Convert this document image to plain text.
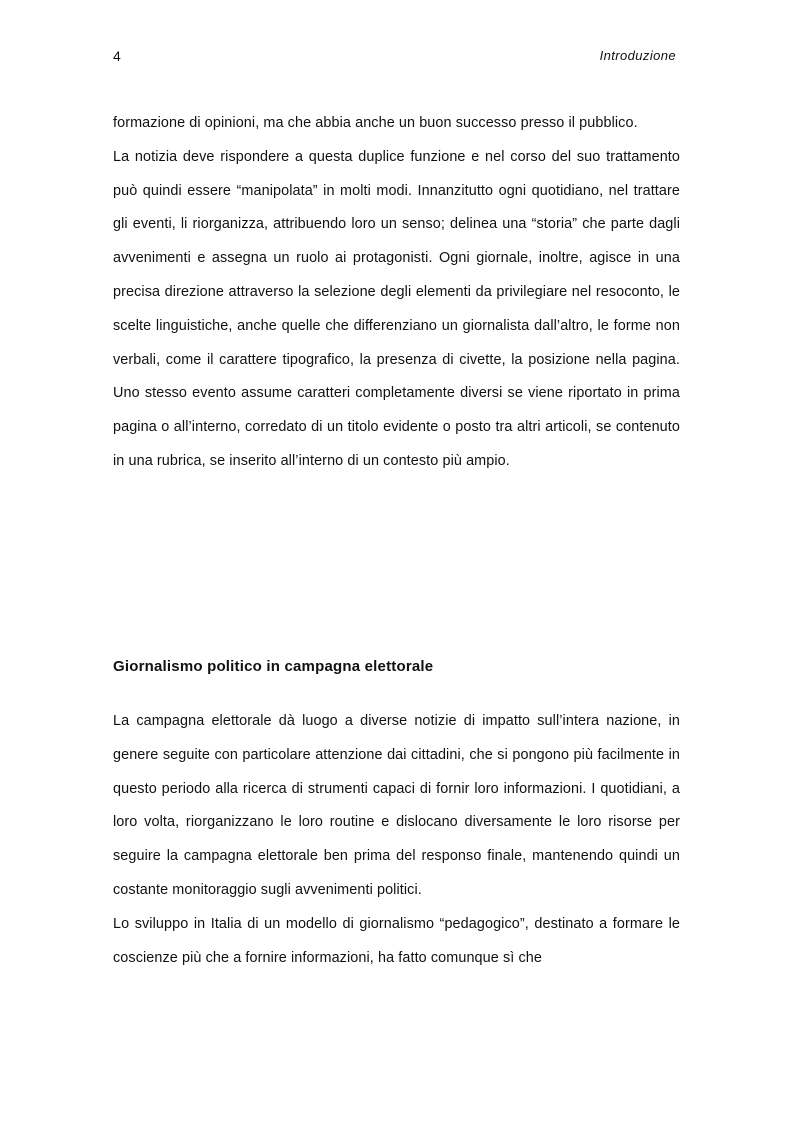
4	Introduzione

formazione di opinioni, ma che abbia anche un buon successo presso il pubblico.

La notizia deve rispondere a questa duplice funzione e nel corso del suo trattamento può quindi essere “manipolata” in molti modi. Innanzitutto ogni quotidiano, nel trattare gli eventi, li riorganizza, attribuendo loro un senso; delinea una “storia” che parte dagli avvenimenti e assegna un ruolo ai protagonisti. Ogni giornale, inoltre, agisce in una precisa direzione attraverso la selezione degli elementi da privilegiare nel resoconto, le scelte linguistiche, anche quelle che differenziano un giornalista dall’altro, le forme non verbali, come il carattere tipografico, la presenza di civette, la posizione nella pagina. Uno stesso evento assume caratteri completamente diversi se viene riportato in prima pagina o all’interno, corredato di un titolo evidente o posto tra altri articoli, se contenuto in una rubrica, se inserito all’interno di un contesto più ampio.

Giornalismo politico in campagna elettorale

La campagna elettorale dà luogo a diverse notizie di impatto sull’intera nazione, in genere seguite con particolare attenzione dai cittadini, che si pongono più facilmente in questo periodo alla ricerca di strumenti capaci di fornir loro informazioni. I quotidiani, a loro volta, riorganizzano le loro routine e dislocano diversamente le loro risorse per seguire la campagna elettorale ben prima del responso finale, mantenendo quindi un costante monitoraggio sugli avvenimenti politici.

Lo sviluppo in Italia di un modello di giornalismo “pedagogico”, destinato a formare le coscienze più che a fornire informazioni, ha fatto comunque sì che
